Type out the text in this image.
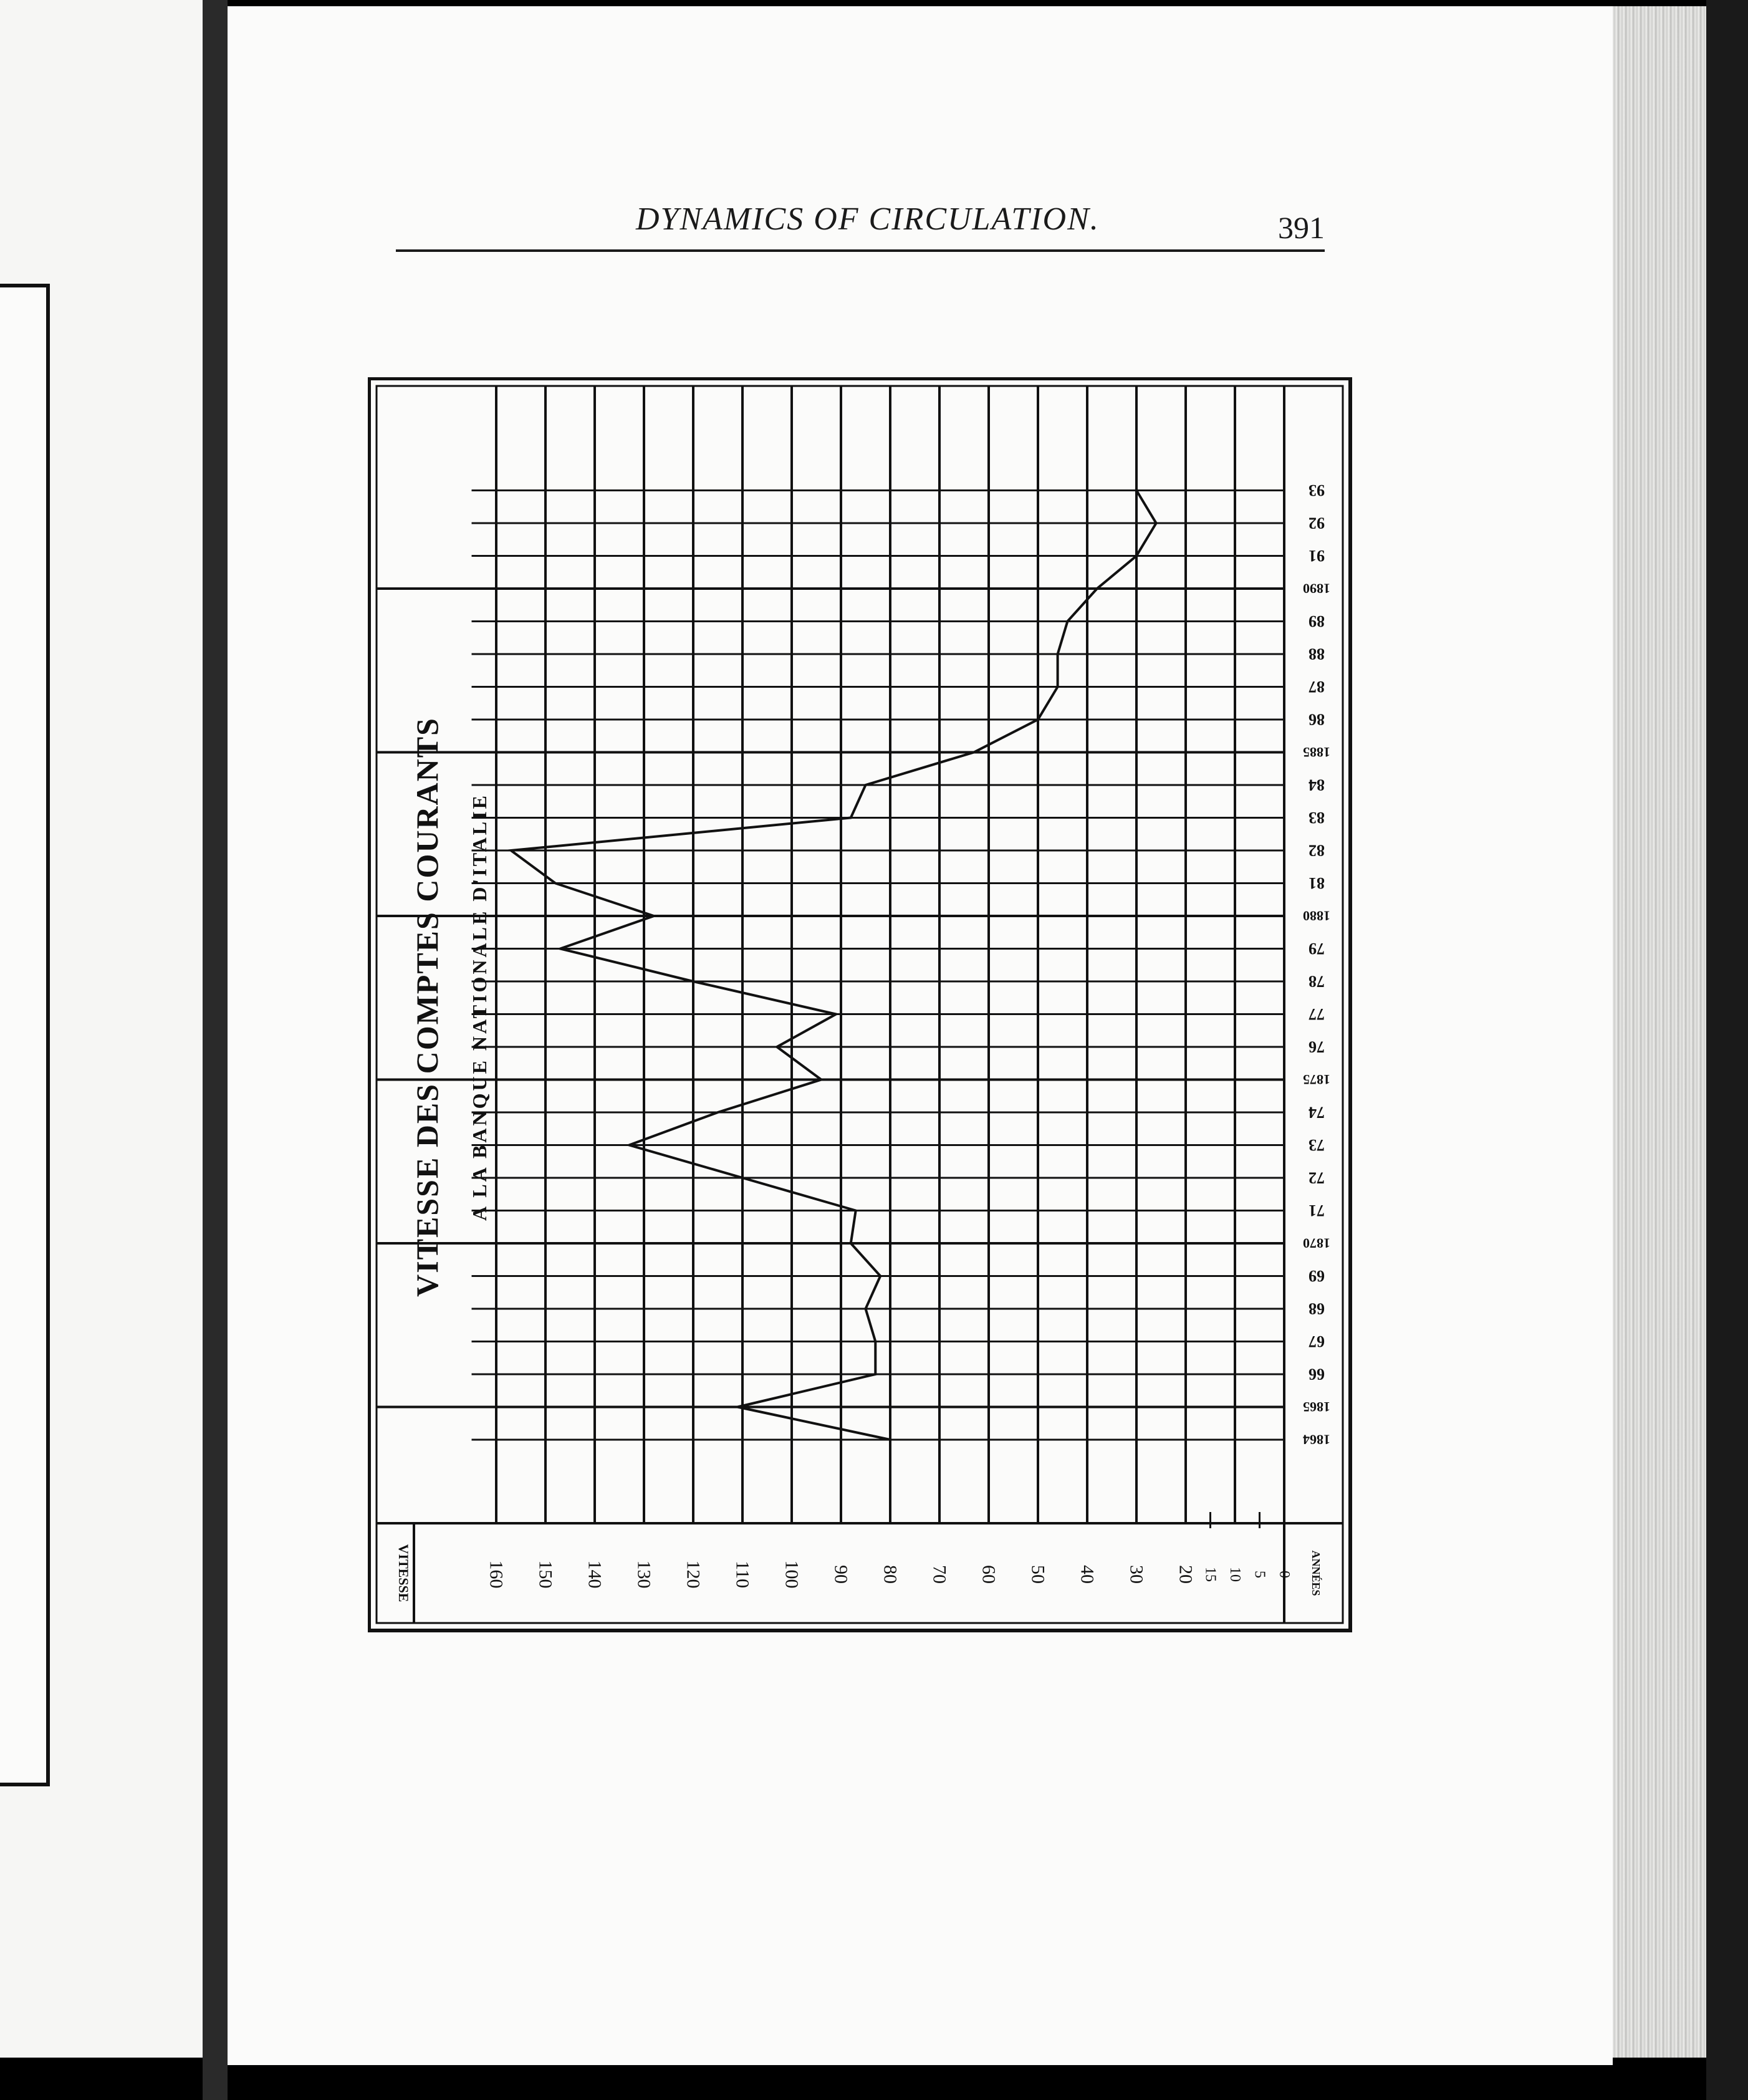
DYNAMICS OF CIRCULATION.	391
VITESSE	ANNÉES
160 150 140 130 120 110 100 90 80 70 60 50 40 30 20 15 10 5 0
1864
1865
66
67
68
69
1870
71
72
73
74
1875
76
77
78
79
1880
81
82
83
84
1885
86
87
88
89
1890
91
92
93
VITESSE DES COMPTES COURANTS A LA BANQUE NATIONALE D'ITALIE
